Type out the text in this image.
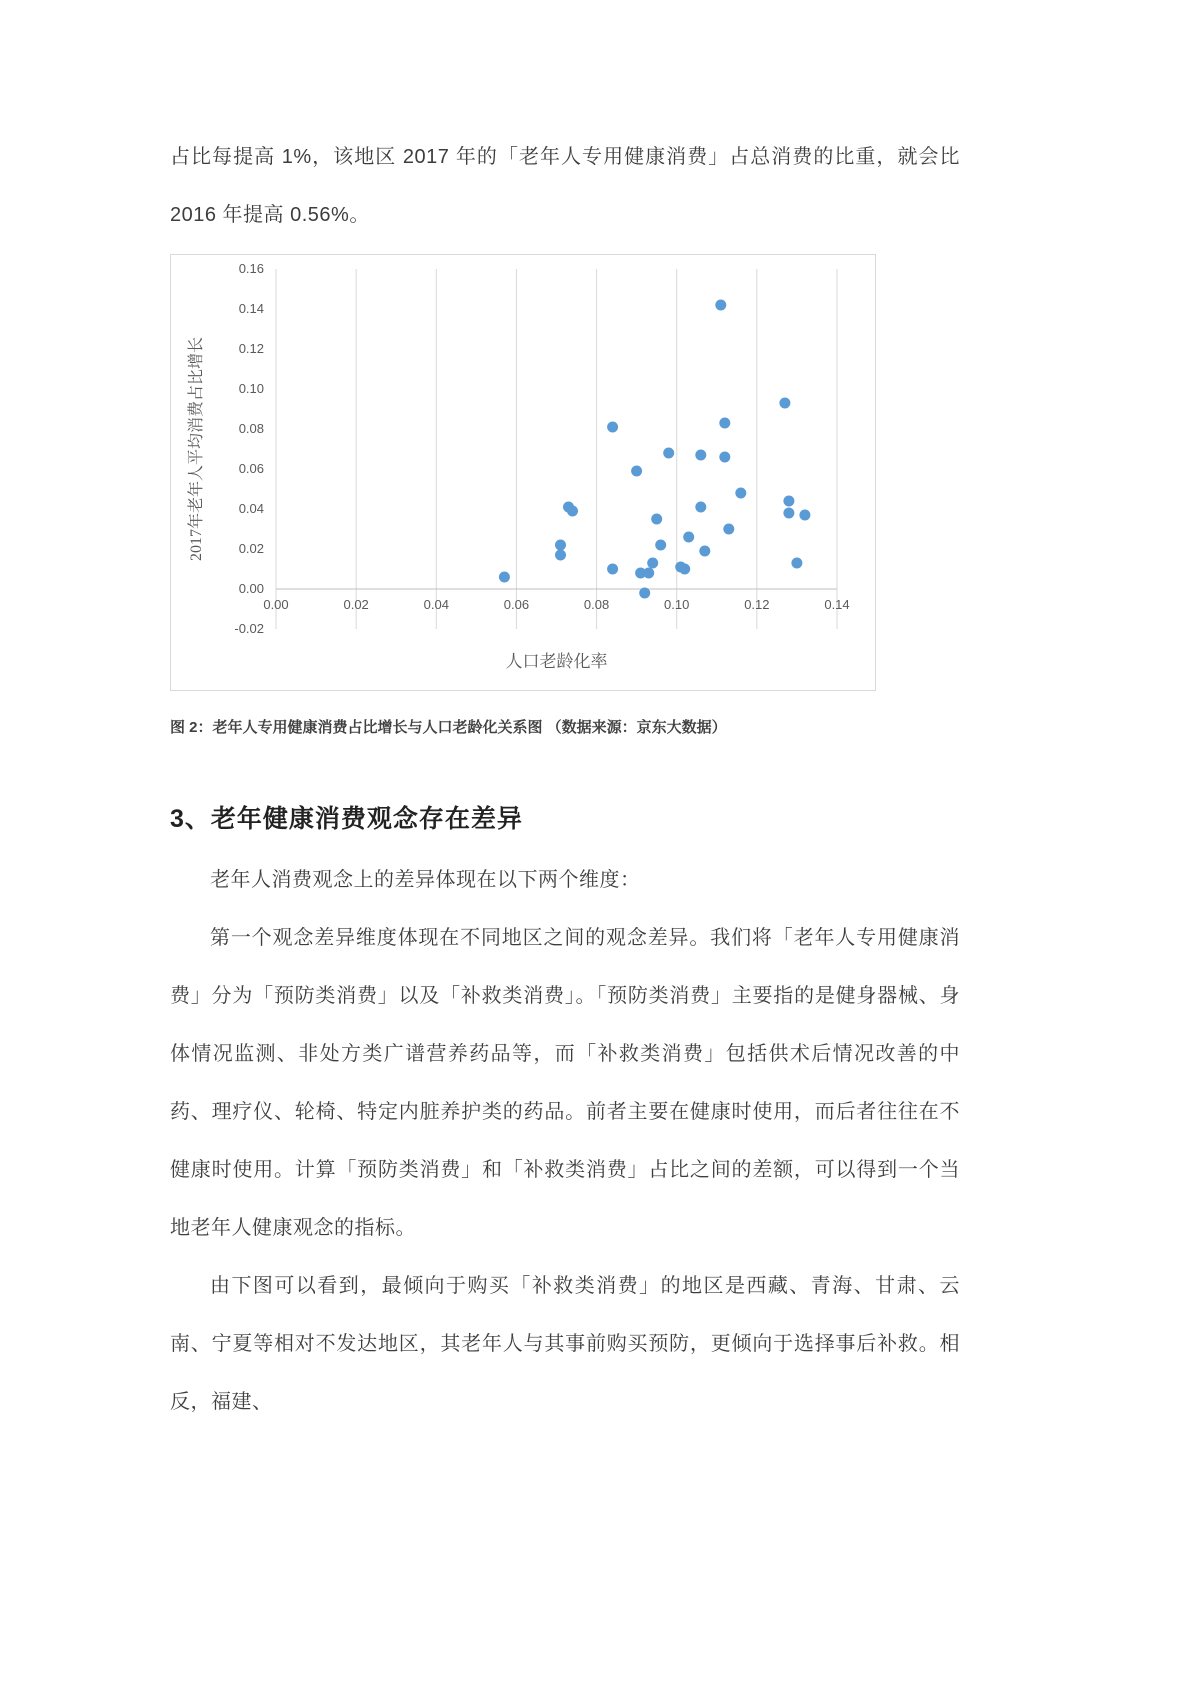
占比每提高 1%，该地区 2017 年的「老年人专用健康消费」占总消费的比重，就会比 2016 年提高 0.56%。

0.00	0.02	0.04	0.06	0.08	0.10	0.12	0.14
-0.02
0.00
0.02
0.04
0.06
0.08
0.10
0.12
0.14
0.16
人口老龄化率
2017年老年人平均消费占比增长

图 2：老年人专用健康消费占比增长与人口老龄化关系图 （数据来源：京东大数据）

3、老年健康消费观念存在差异

老年人消费观念上的差异体现在以下两个维度：

第一个观念差异维度体现在不同地区之间的观念差异。我们将「老年人专用健康消费」分为「预防类消费」以及「补救类消费」。「预防类消费」主要指的是健身器械、身体情况监测、非处方类广谱营养药品等，而「补救类消费」包括供术后情况改善的中药、理疗仪、轮椅、特定内脏养护类的药品。前者主要在健康时使用，而后者往往在不健康时使用。计算「预防类消费」和「补救类消费」占比之间的差额，可以得到一个当地老年人健康观念的指标。

由下图可以看到，最倾向于购买「补救类消费」的地区是西藏、青海、甘肃、云南、宁夏等相对不发达地区，其老年人与其事前购买预防，更倾向于选择事后补救。相反，福建、
